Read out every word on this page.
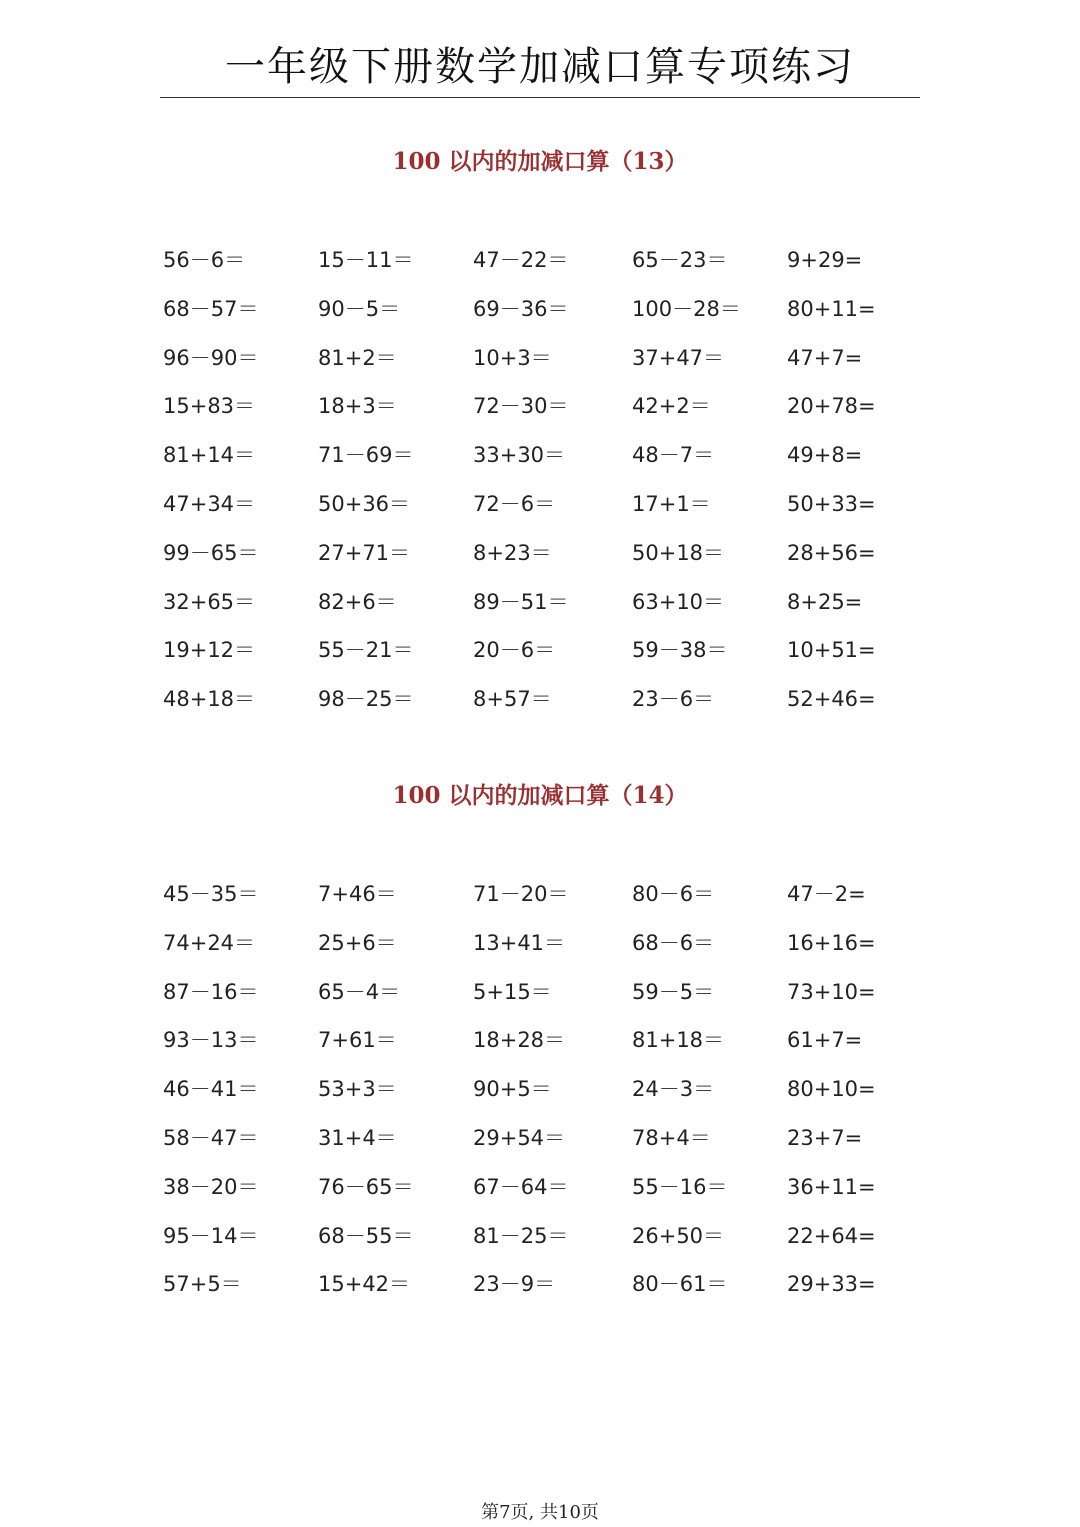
一年级下册数学加减口算专项练习
100 以内的加减口算（13）
56－6＝	15－11＝	47－22＝	65－23＝	9+29=
68－57＝	90－5＝	69－36＝	100－28＝ 80+11=
96－90＝	81+2＝	10+3＝	37+47＝	47+7=
15+83＝	18+3＝	72－30＝	42+2＝	20+78=
81+14＝	71－69＝	33+30＝	48－7＝	49+8=
47+34＝	50+36＝	72－6＝	17+1＝	50+33=
99－65＝	27+71＝	8+23＝	50+18＝	28+56=
32+65＝	82+6＝	89－51＝	63+10＝	8+25=
19+12＝	55－21＝	20－6＝	59－38＝	10+51=
48+18＝	98－25＝	8+57＝	23－6＝	52+46=
100 以内的加减口算（14）
45－35＝	7+46＝	71－20＝	80－6＝	47－2=
74+24＝	25+6＝	13+41＝	68－6＝	16+16=
87－16＝	65－4＝	5+15＝	59－5＝	73+10=
93－13＝	7+61＝	18+28＝	81+18＝	61+7=
46－41＝	53+3＝	90+5＝	24－3＝	80+10=
58－47＝	31+4＝	29+54＝	78+4＝	23+7=
38－20＝	76－65＝	67－64＝	55－16＝	36+11=
95－14＝	68－55＝	81－25＝	26+50＝	22+64=
57+5＝	15+42＝	23－9＝	80－61＝	29+33=
第7页, 共10页
